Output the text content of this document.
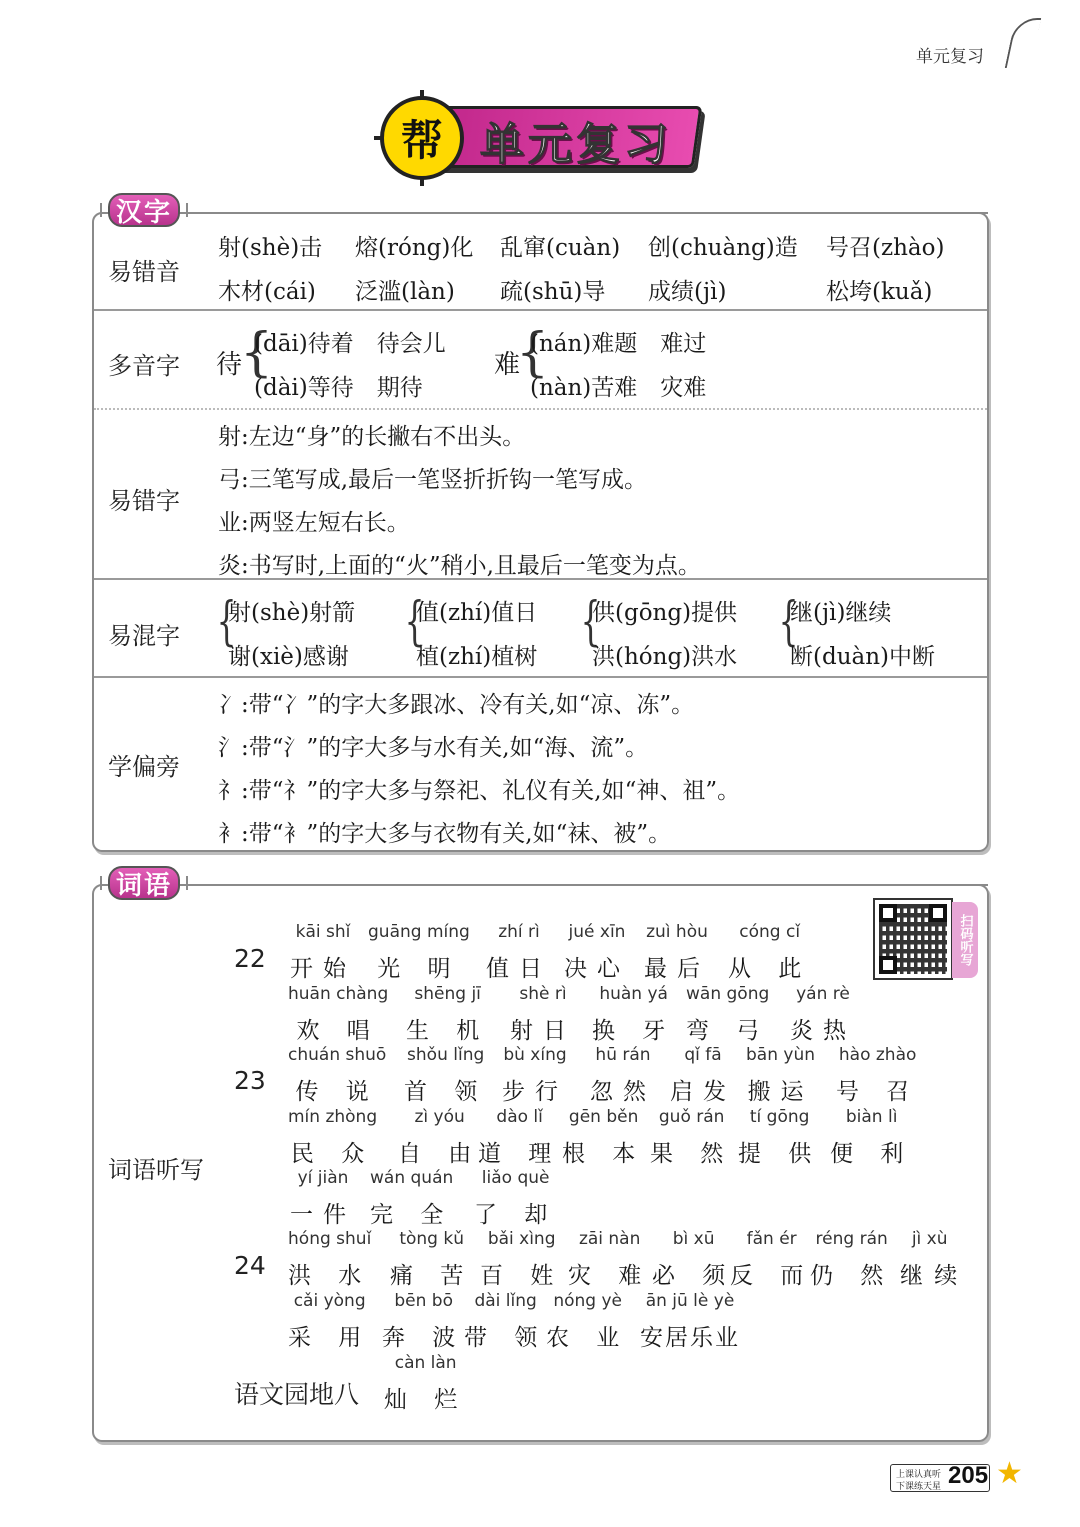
单元复习
单元复习
帮
汉字
易错音
射(shè)击 熔(róng)化 乱窜(cuàn) 创(chuàng)造 号召(zhào)
木材(cái) 泛滥(làn) 疏(shū)导 成绩(jì)	松垮(kuǎ)
多音字 待
{
(dāi)待着　待会儿
(dài)等待　期待
难
{
(nán)难题　难过
(nàn)苦难　灾难
易错字
射:左边“身”的长撇右不出头。
弓:三笔写成,最后一笔竖折折钩一笔写成。
业:两竖左短右长。
炎:书写时,上面的“火”稍小,且最后一笔变为点。
易混字 {
射(shè)射箭
谢(xiè)感谢
{
值(zhí)值日
植(zhí)植树
{
供(gōng)提供
洪(hóng)洪水
{
继(jì)继续
断(duàn)中断
学偏旁
冫:带“冫”的字大多跟冰、冷有关,如“凉、冻”。
氵:带“氵”的字大多与水有关,如“海、流”。
礻:带“礻”的字大多与祭祀、礼仪有关,如“神、祖”。
衤:带“衤”的字大多与衣物有关,如“袜、被”。
词语
词语听写
扫码听写
22
kāi shǐ
开始
guāng míng
光 明
zhí rì
值日
jué xīn
决心
zuì hòu
最后
cóng cǐ
从 此
huān chàng
欢 唱
shēng jī
生 机
shè rì
射日
huàn yá
换 牙
wān gōng
弯 弓
yán rè
炎热
23
chuán shuō
传 说
shǒu lǐng
首 领
bù xíng
步行
hū rán
忽然
qǐ fā
启发
bān yùn
搬运
hào zhào
号 召
mín zhòng
民 众
zì yóu
自 由
dào lǐ
道 理
gēn běn
根 本
guǒ rán
果 然
tí gōng
提 供
biàn lì
便 利
yí jiàn
一件
wán quán
完 全
liǎo què
了 却
24
hóng shuǐ
洪 水
tòng kǔ
痛 苦
bǎi xìng
百 姓
zāi nàn
灾 难
bì xū
必 须
fǎn ér
反 而
réng rán
仍 然
jì xù
继 续
cǎi yòng
采 用
bēn bō
奔 波
dài lǐng
带 领
nóng yè
农 业
ān jū lè yè
安居乐业
语文园地八
càn làn
灿 烂
上课认真听
下课练天星 205 ★
